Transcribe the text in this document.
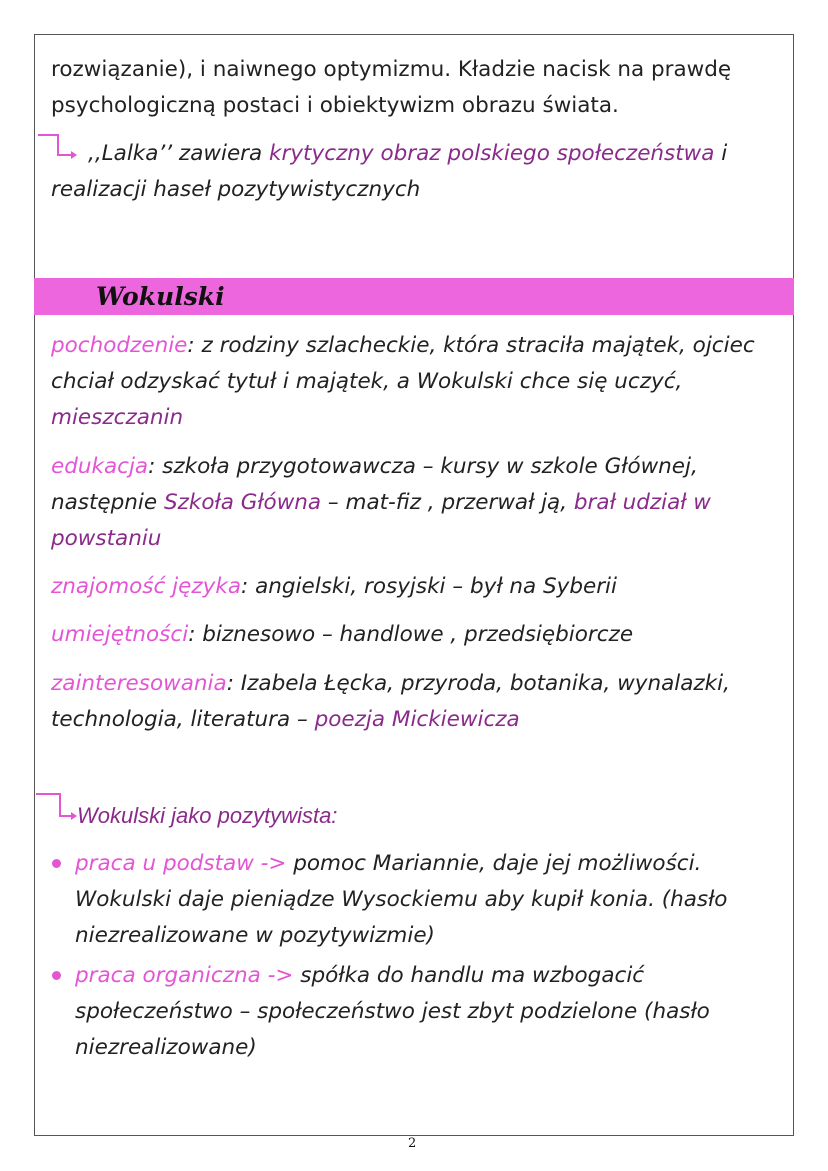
rozwiązanie), i naiwnego optymizmu. Kładzie nacisk na prawdę
psychologiczną postaci i obiektywizm obrazu świata.
,,Lalka’’ zawiera krytyczny obraz polskiego społeczeństwa i
realizacji haseł pozytywistycznych
Wokulski
pochodzenie: z rodziny szlacheckie, która straciła majątek, ojciec
chciał odzyskać tytuł i majątek, a Wokulski chce się uczyć,
mieszczanin
edukacja: szkoła przygotowawcza – kursy w szkole Głównej,
następnie Szkoła Główna – mat-fiz , przerwał ją, brał udział w
powstaniu
znajomość języka: angielski, rosyjski – był na Syberii
umiejętności: biznesowo – handlowe , przedsiębiorcze
zainteresowania: Izabela Łęcka, przyroda, botanika, wynalazki,
technologia, literatura – poezja Mickiewicza
Wokulski jako pozytywista:
praca u podstaw -> pomoc Mariannie, daje jej możliwości.
Wokulski daje pieniądze Wysockiemu aby kupił konia. (hasło
niezrealizowane w pozytywizmie)
praca organiczna -> spółka do handlu ma wzbogacić
społeczeństwo – społeczeństwo jest zbyt podzielone (hasło
niezrealizowane)
2
